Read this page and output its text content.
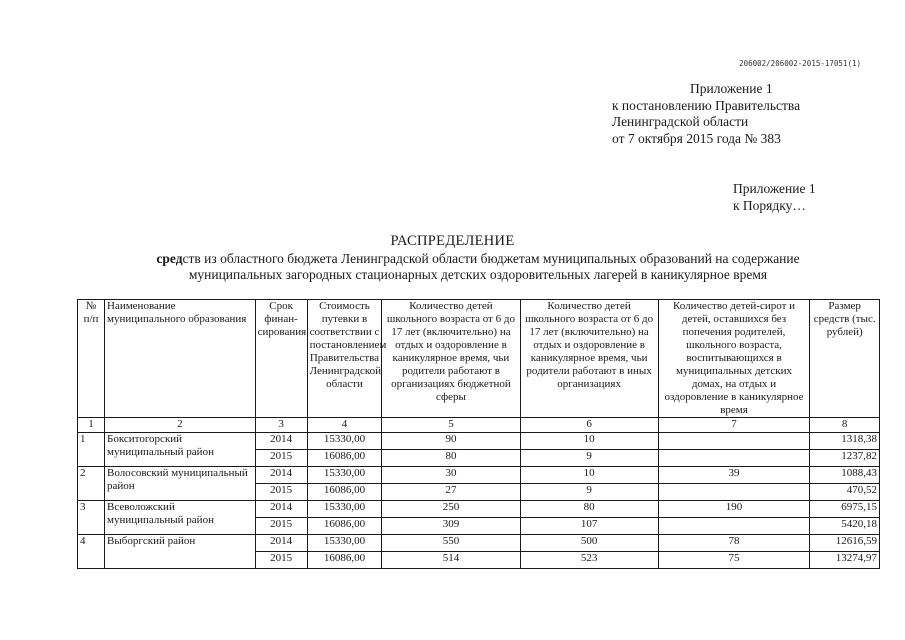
206002/206002-2015-17051(1)
Приложение 1
к постановлению Правительства
Ленинградской области
от 7 октября 2015 года № 383
Приложение 1
к Порядку…
РАСПРЕДЕЛЕНИЕ
средств из областного бюджета Ленинградской области бюджетам муниципальных образований на содержание
муниципальных загородных стационарных детских оздоровительных лагерей в каникулярное время
№ п/п	Наименование муниципального образования	Срок финан-сирования	Стоимость путевки в соответствии с постановлением Правительства Ленинградской области	Количество детей школьного возраста от 6 до 17 лет (включительно) на отдых и оздоровление в каникулярное время, чьи родители работают в организациях бюджетной сферы	Количество детей школьного возраста от 6 до 17 лет (включительно) на отдых и оздоровление в каникулярное время, чьи родители работают в иных организациях	Количество детей-сирот и детей, оставшихся без попечения родителей, школьного возраста, воспитывающихся в муниципальных детских домах, на отдых и оздоровление в каникулярное время	Размер средств (тыс. рублей)
1	2	3	4	5	6	7	8
1	Бокситогорский муниципальный район	2014	15330,00	90	10		1318,38
		2015	16086,00	80	9		1237,82
2	Волосовский муниципальный район	2014	15330,00	30	10	39	1088,43
		2015	16086,00	27	9		470,52
3	Всеволожский муниципальный район	2014	15330,00	250	80	190	6975,15
		2015	16086,00	309	107		5420,18
4	Выборгский район	2014	15330,00	550	500	78	12616,59
		2015	16086,00	514	523	75	13274,97
